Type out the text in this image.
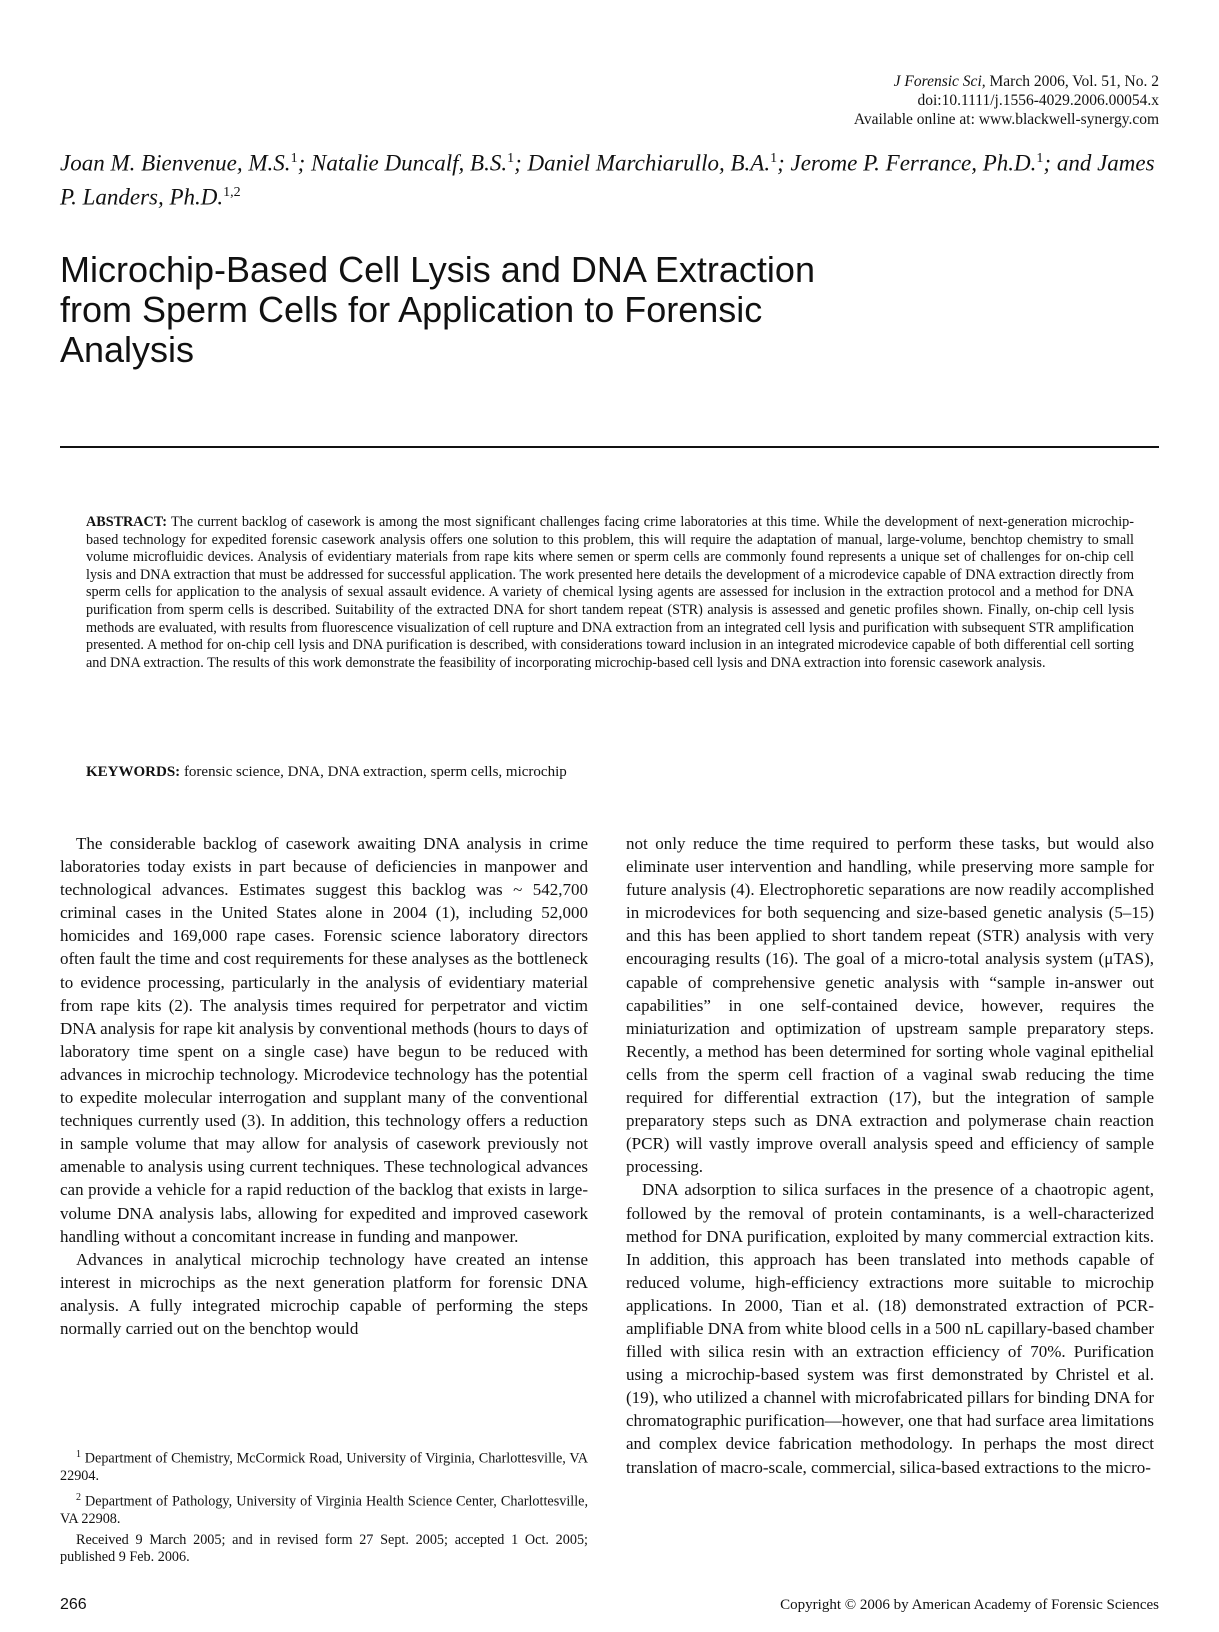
J Forensic Sci, March 2006, Vol. 51, No. 2
doi:10.1111/j.1556-4029.2006.00054.x
Available online at: www.blackwell-synergy.com
Joan M. Bienvenue, M.S.$^1$; Natalie Duncalf, B.S.$^1$; Daniel Marchiarullo, B.A.$^1$; Jerome P. Ferrance, Ph.D.$^1$; and James P. Landers, Ph.D.$^{1,2}$
Microchip-Based Cell Lysis and DNA Extraction
from Sperm Cells for Application to Forensic
Analysis
ABSTRACT: The current backlog of casework is among the most significant challenges facing crime laboratories at this time. While the development of next-generation microchip-based technology for expedited forensic casework analysis offers one solution to this problem, this will require the adaptation of manual, large-volume, benchtop chemistry to small volume microfluidic devices. Analysis of evidentiary materials from rape kits where semen or sperm cells are commonly found represents a unique set of challenges for on-chip cell lysis and DNA extraction that must be addressed for successful application. The work presented here details the development of a microdevice capable of DNA extraction directly from sperm cells for application to the analysis of sexual assault evidence. A variety of chemical lysing agents are assessed for inclusion in the extraction protocol and a method for DNA purification from sperm cells is described. Suitability of the extracted DNA for short tandem repeat (STR) analysis is assessed and genetic profiles shown. Finally, on-chip cell lysis methods are evaluated, with results from fluorescence visualization of cell rupture and DNA extraction from an integrated cell lysis and purification with subsequent STR amplification presented. A method for on-chip cell lysis and DNA purification is described, with considerations toward inclusion in an integrated microdevice capable of both differential cell sorting and DNA extraction. The results of this work demonstrate the feasibility of incorporating microchip-based cell lysis and DNA extraction into forensic casework analysis.
KEYWORDS: forensic science, DNA, DNA extraction, sperm cells, microchip

The considerable backlog of casework awaiting DNA analysis in crime laboratories today exists in part because of deficiencies in manpower and technological advances. Estimates suggest this backlog was ~ 542,700 criminal cases in the United States alone in 2004 (1), including 52,000 homicides and 169,000 rape cases. Forensic science laboratory directors often fault the time and cost requirements for these analyses as the bottleneck to evidence processing, particularly in the analysis of evidentiary material from rape kits (2). The analysis times required for perpetrator and victim DNA analysis for rape kit analysis by conventional methods (hours to days of laboratory time spent on a single case) have begun to be reduced with advances in microchip technology. Microdevice technology has the potential to expedite molecular interrogation and supplant many of the conventional techniques currently used (3). In addition, this technology offers a reduction in sample volume that may allow for analysis of casework previously not amenable to analysis using current techniques. These technological advances can provide a vehicle for a rapid reduction of the backlog that exists in large-volume DNA analysis labs, allowing for expedited and improved casework handling without a concomitant increase in funding and manpower.

Advances in analytical microchip technology have created an intense interest in microchips as the next generation platform for forensic DNA analysis. A fully integrated microchip capable of performing the steps normally carried out on the benchtop would

not only reduce the time required to perform these tasks, but would also eliminate user intervention and handling, while preserving more sample for future analysis (4). Electrophoretic separations are now readily accomplished in microdevices for both sequencing and size-based genetic analysis (5–15) and this has been applied to short tandem repeat (STR) analysis with very encouraging results (16). The goal of a micro-total analysis system (μTAS), capable of comprehensive genetic analysis with “sample in-answer out capabilities” in one self-contained device, however, requires the miniaturization and optimization of upstream sample preparatory steps. Recently, a method has been determined for sorting whole vaginal epithelial cells from the sperm cell fraction of a vaginal swab reducing the time required for differential extraction (17), but the integration of sample preparatory steps such as DNA extraction and polymerase chain reaction (PCR) will vastly improve overall analysis speed and efficiency of sample processing.

DNA adsorption to silica surfaces in the presence of a chaotropic agent, followed by the removal of protein contaminants, is a well-characterized method for DNA purification, exploited by many commercial extraction kits. In addition, this approach has been translated into methods capable of reduced volume, high-efficiency extractions more suitable to microchip applications. In 2000, Tian et al. (18) demonstrated extraction of PCR-amplifiable DNA from white blood cells in a 500 nL capillary-based chamber filled with silica resin with an extraction efficiency of 70%. Purification using a microchip-based system was first demonstrated by Christel et al. (19), who utilized a channel with microfabricated pillars for binding DNA for chromatographic purification—however, one that had surface area limitations and complex device fabrication methodology. In perhaps the most direct translation of macro-scale, commercial, silica-based extractions to the micro-

$^1$ Department of Chemistry, McCormick Road, University of Virginia, Charlottesville, VA 22904.

$^2$ Department of Pathology, University of Virginia Health Science Center, Charlottesville, VA 22908.

Received 9 March 2005; and in revised form 27 Sept. 2005; accepted 1 Oct. 2005; published 9 Feb. 2006.

266	Copyright © 2006 by American Academy of Forensic Sciences
